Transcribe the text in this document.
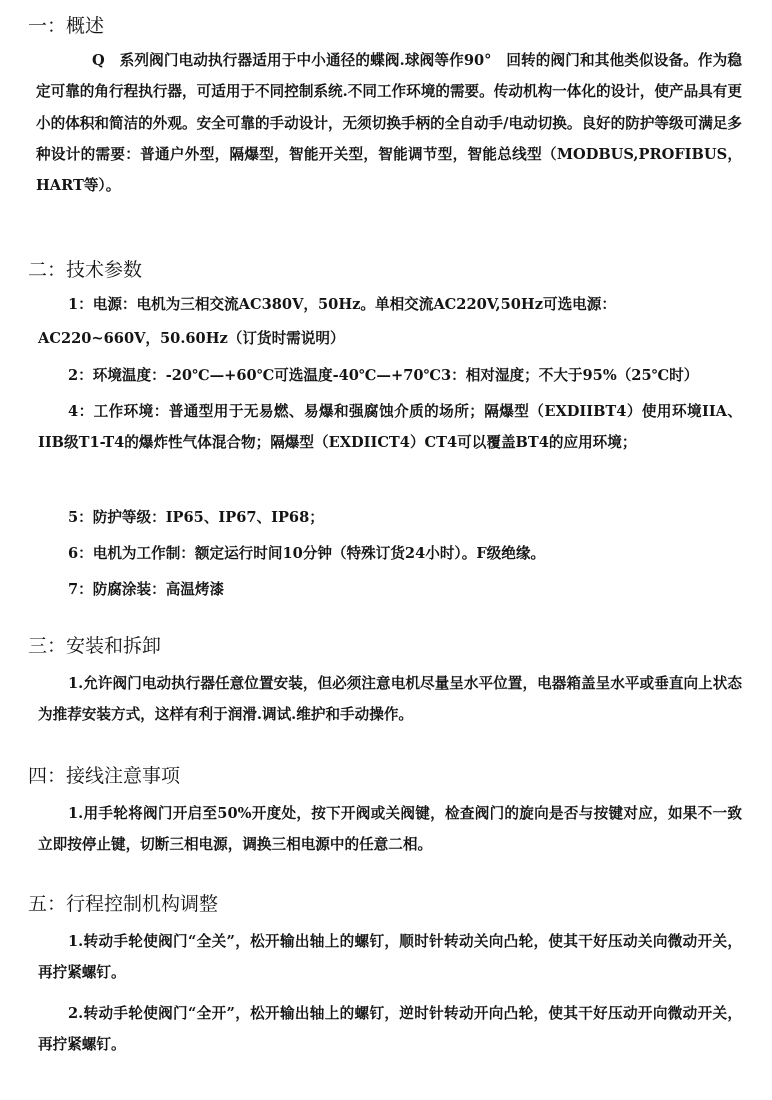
一：概述

Q　系列阀门电动执行器适用于中小通径的蝶阀.球阀等作90°　回转的阀门和其他类似设备。作为稳定可靠的角行程执行器，可适用于不同控制系统.不同工作环境的需要。传动机构一体化的设计，使产品具有更小的体积和简洁的外观。安全可靠的手动设计，无须切换手柄的全自动手/电动切换。良好的防护等级可满足多种设计的需要：普通户外型，隔爆型，智能开关型，智能调节型，智能总线型（MODBUS,PROFIBUS，HART等）。

二：技术参数

1：电源：电机为三相交流AC380V，50Hz。单相交流AC220V,50Hz可选电源：

AC220~660V，50.60Hz（订货时需说明）

2：环境温度：-20℃—+60℃可选温度-40℃—+70℃3：相对湿度；不大于95%（25℃时）

4：工作环境：普通型用于无易燃、易爆和强腐蚀介质的场所；隔爆型（EXDIIBT4）使用环境IIA、IIB级T1-T4的爆炸性气体混合物；隔爆型（EXDIICT4）CT4可以覆盖BT4的应用环境；

5：防护等级：IP65、IP67、IP68；

6：电机为工作制：额定运行时间10分钟（特殊订货24小时）。F级绝缘。

7：防腐涂装：高温烤漆

三：安装和拆卸

1.允许阀门电动执行器任意位置安装，但必须注意电机尽量呈水平位置，电器箱盖呈水平或垂直向上状态为推荐安装方式，这样有利于润滑.调试.维护和手动操作。

四：接线注意事项

1.用手轮将阀门开启至50%开度处，按下开阀或关阀键，检查阀门的旋向是否与按键对应，如果不一致立即按停止键，切断三相电源，调换三相电源中的任意二相。

五：行程控制机构调整

1.转动手轮使阀门“全关”，松开输出轴上的螺钉，顺时针转动关向凸轮，使其干好压动关向微动开关，再拧紧螺钉。

2.转动手轮使阀门“全开”，松开输出轴上的螺钉，逆时针转动开向凸轮，使其干好压动开向微动开关，再拧紧螺钉。
